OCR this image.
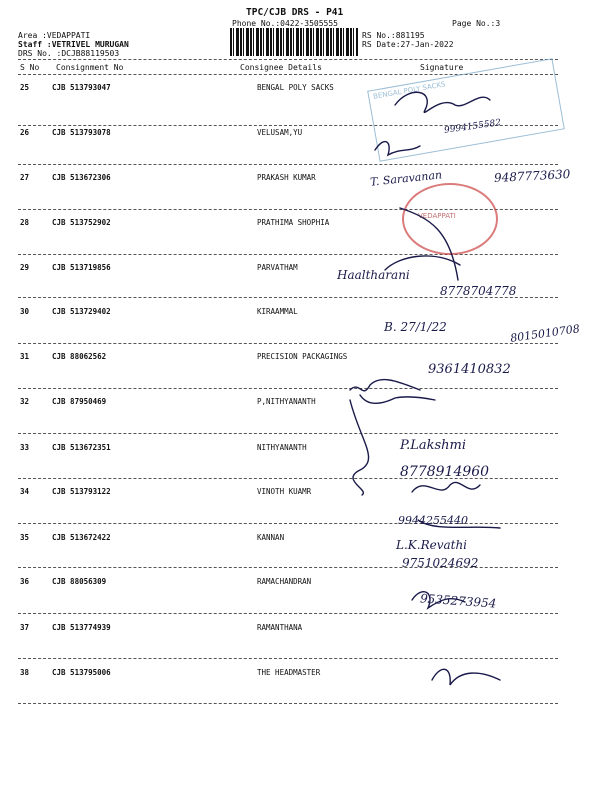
TPC/CJB DRS - P41
Phone No.:0422-3505555	Page No.:3
Area :VEDAPPATI
Staff :VETRIVEL MURUGAN
DRS No. :DCJB88119503
RS No.:881195
RS Date:27-Jan-2022
S No Consignment No	Consignee Details	Signature
25	CJB 513793047	BENGAL POLY SACKS
26	CJB 513793078	VELUSAM,YU
27	CJB 513672306	PRAKASH KUMAR
28	CJB 513752902	PRATHIMA SHOPHIA
29	CJB 513719856	PARVATHAM
30	CJB 513729402	KIRAAMMAL
31	CJB 88062562	PRECISION PACKAGINGS
32	CJB 87950469	P,NITHYANANTH
33	CJB 513672351	NITHYANANTH
34	CJB 513793122	VINOTH KUAMR
35	CJB 513672422	KANNAN
36	CJB 88056309	RAMACHANDRAN
37	CJB 513774939	RAMANTHANA
38	CJB 513795006	THE HEADMASTER
BENGAL POLY SACKS
VEDAPPATI
9994155582
T. Saravanan	9487773630
Haaltharani
8778704778
B. 27/1/22	8015010708
9361410832
P.Lakshmi
8778914960
9944255440
L.K.Revathi
9751024692
9535273954
